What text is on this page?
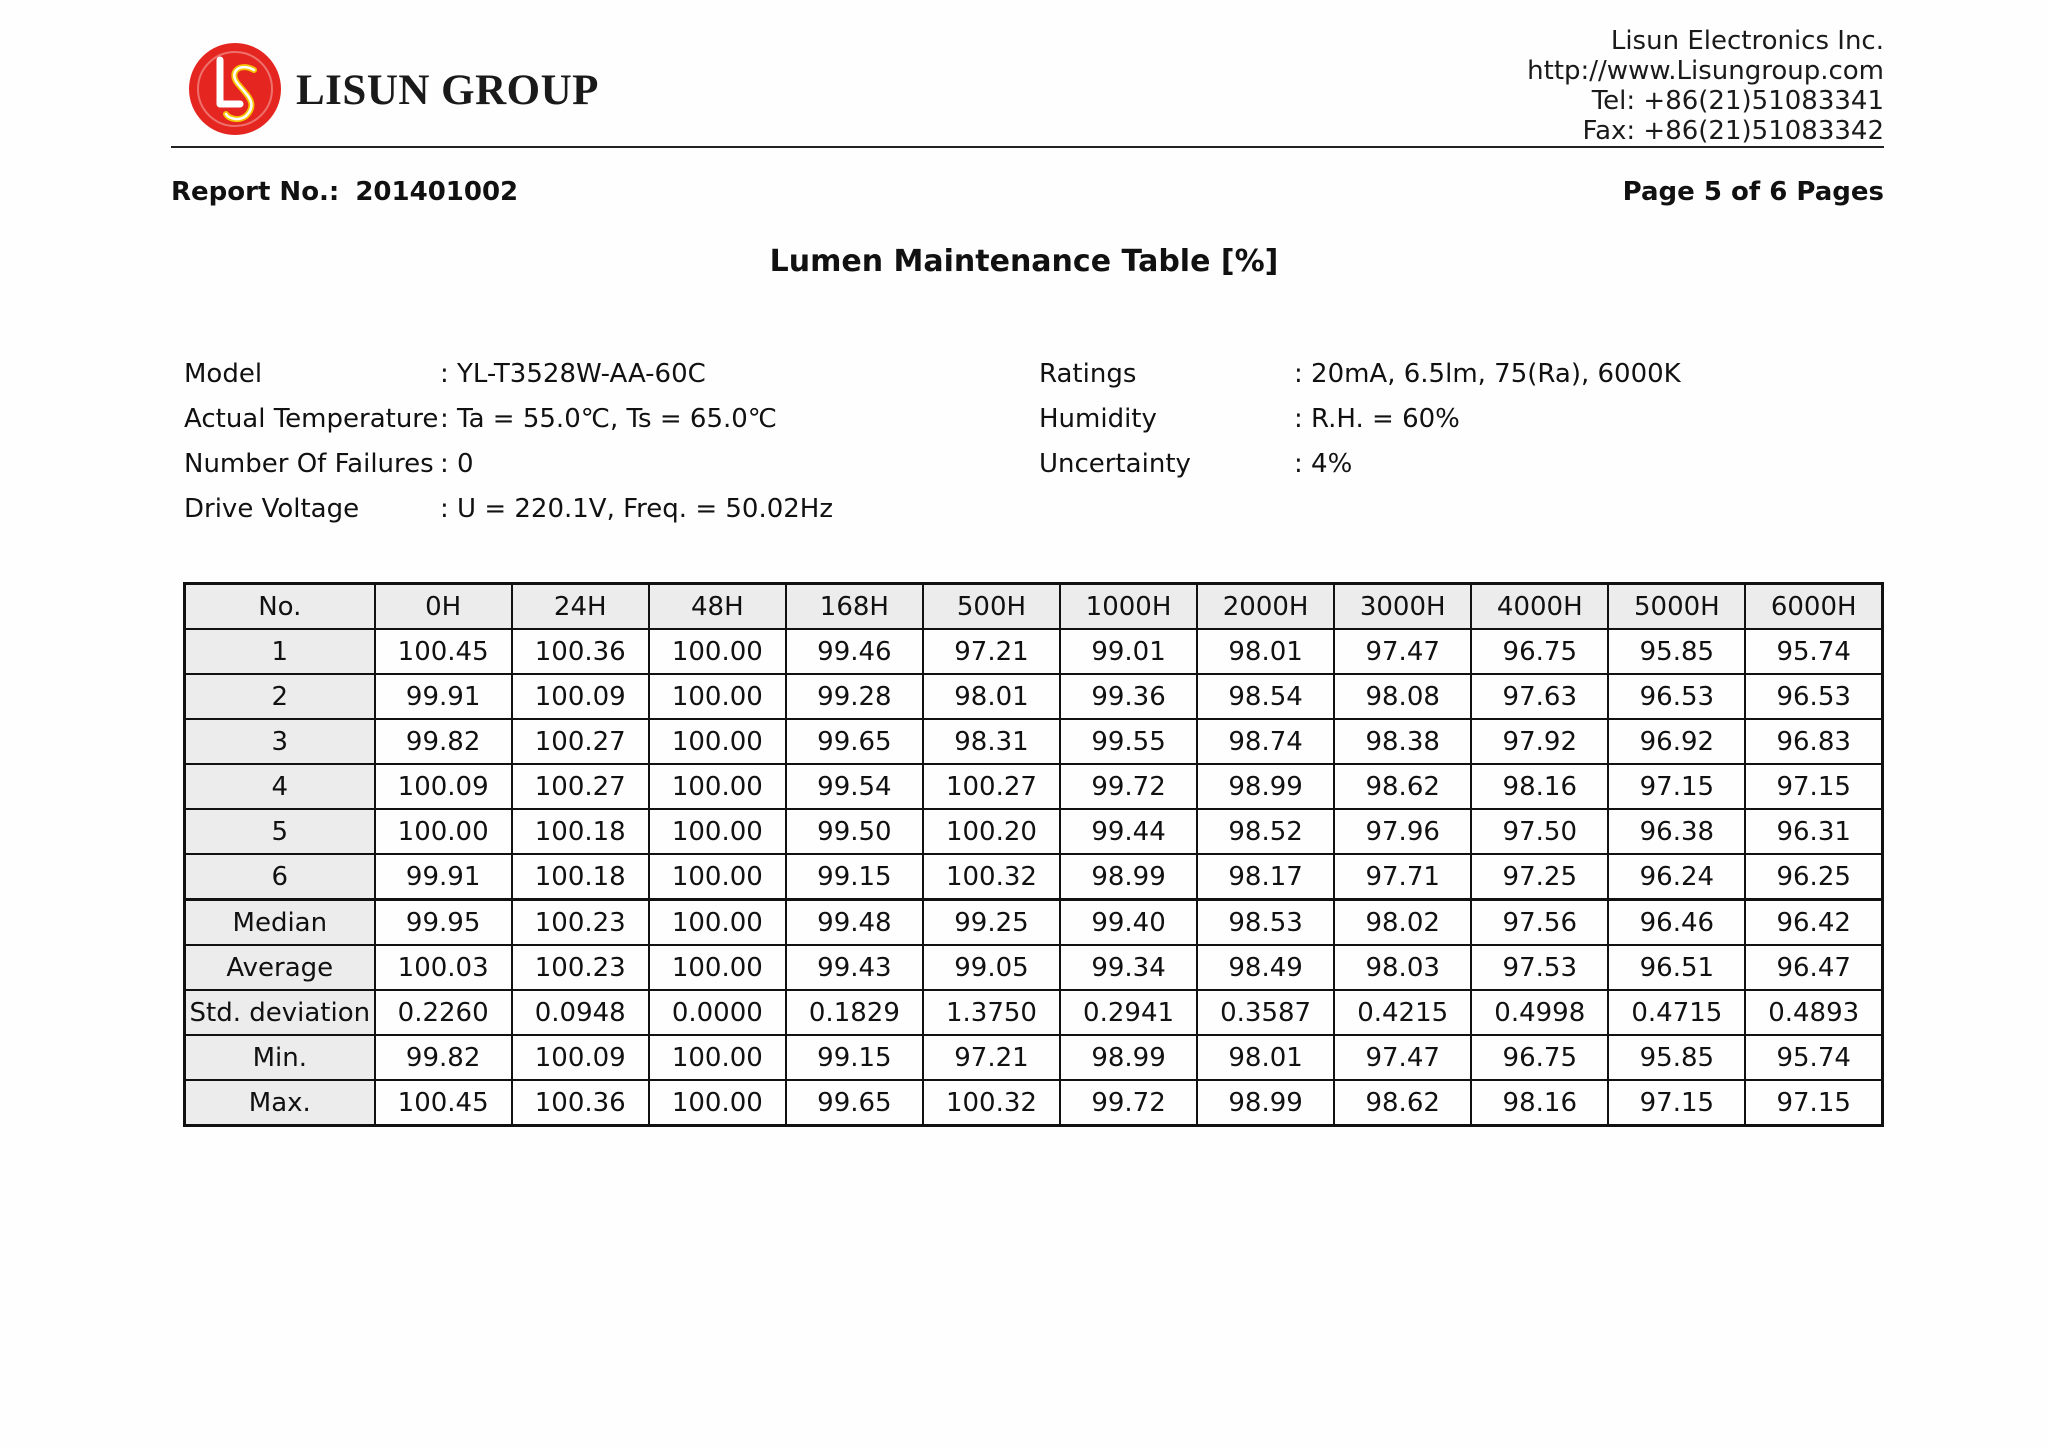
LISUN GROUP
Lisun Electronics Inc.
http://www.Lisungroup.com
Tel: +86(21)51083341
Fax: +86(21)51083342
Report No.: 201401002	Page 5 of 6 Pages
Lumen Maintenance Table [%]
Model	: YL-T3528W-AA-60C
Actual Temperature : Ta = 55.0℃, Ts = 65.0℃
Number Of Failures : 0
Drive Voltage	: U = 220.1V, Freq. = 50.02Hz
Ratings	: 20mA, 6.5lm, 75(Ra), 6000K
Humidity	: R.H. = 60%
Uncertainty	: 4%
No.	0H	24H	48H	168H	500H	1000H	2000H	3000H	4000H	5000H	6000H
1	100.45	100.36	100.00	99.46	97.21	99.01	98.01	97.47	96.75	95.85	95.74
2	99.91	100.09	100.00	99.28	98.01	99.36	98.54	98.08	97.63	96.53	96.53
3	99.82	100.27	100.00	99.65	98.31	99.55	98.74	98.38	97.92	96.92	96.83
4	100.09	100.27	100.00	99.54	100.27	99.72	98.99	98.62	98.16	97.15	97.15
5	100.00	100.18	100.00	99.50	100.20	99.44	98.52	97.96	97.50	96.38	96.31
6	99.91	100.18	100.00	99.15	100.32	98.99	98.17	97.71	97.25	96.24	96.25
Median	99.95	100.23	100.00	99.48	99.25	99.40	98.53	98.02	97.56	96.46	96.42
Average	100.03	100.23	100.00	99.43	99.05	99.34	98.49	98.03	97.53	96.51	96.47
Std. deviation	0.2260	0.0948	0.0000	0.1829	1.3750	0.2941	0.3587	0.4215	0.4998	0.4715	0.4893
Min.	99.82	100.09	100.00	99.15	97.21	98.99	98.01	97.47	96.75	95.85	95.74
Max.	100.45	100.36	100.00	99.65	100.32	99.72	98.99	98.62	98.16	97.15	97.15
